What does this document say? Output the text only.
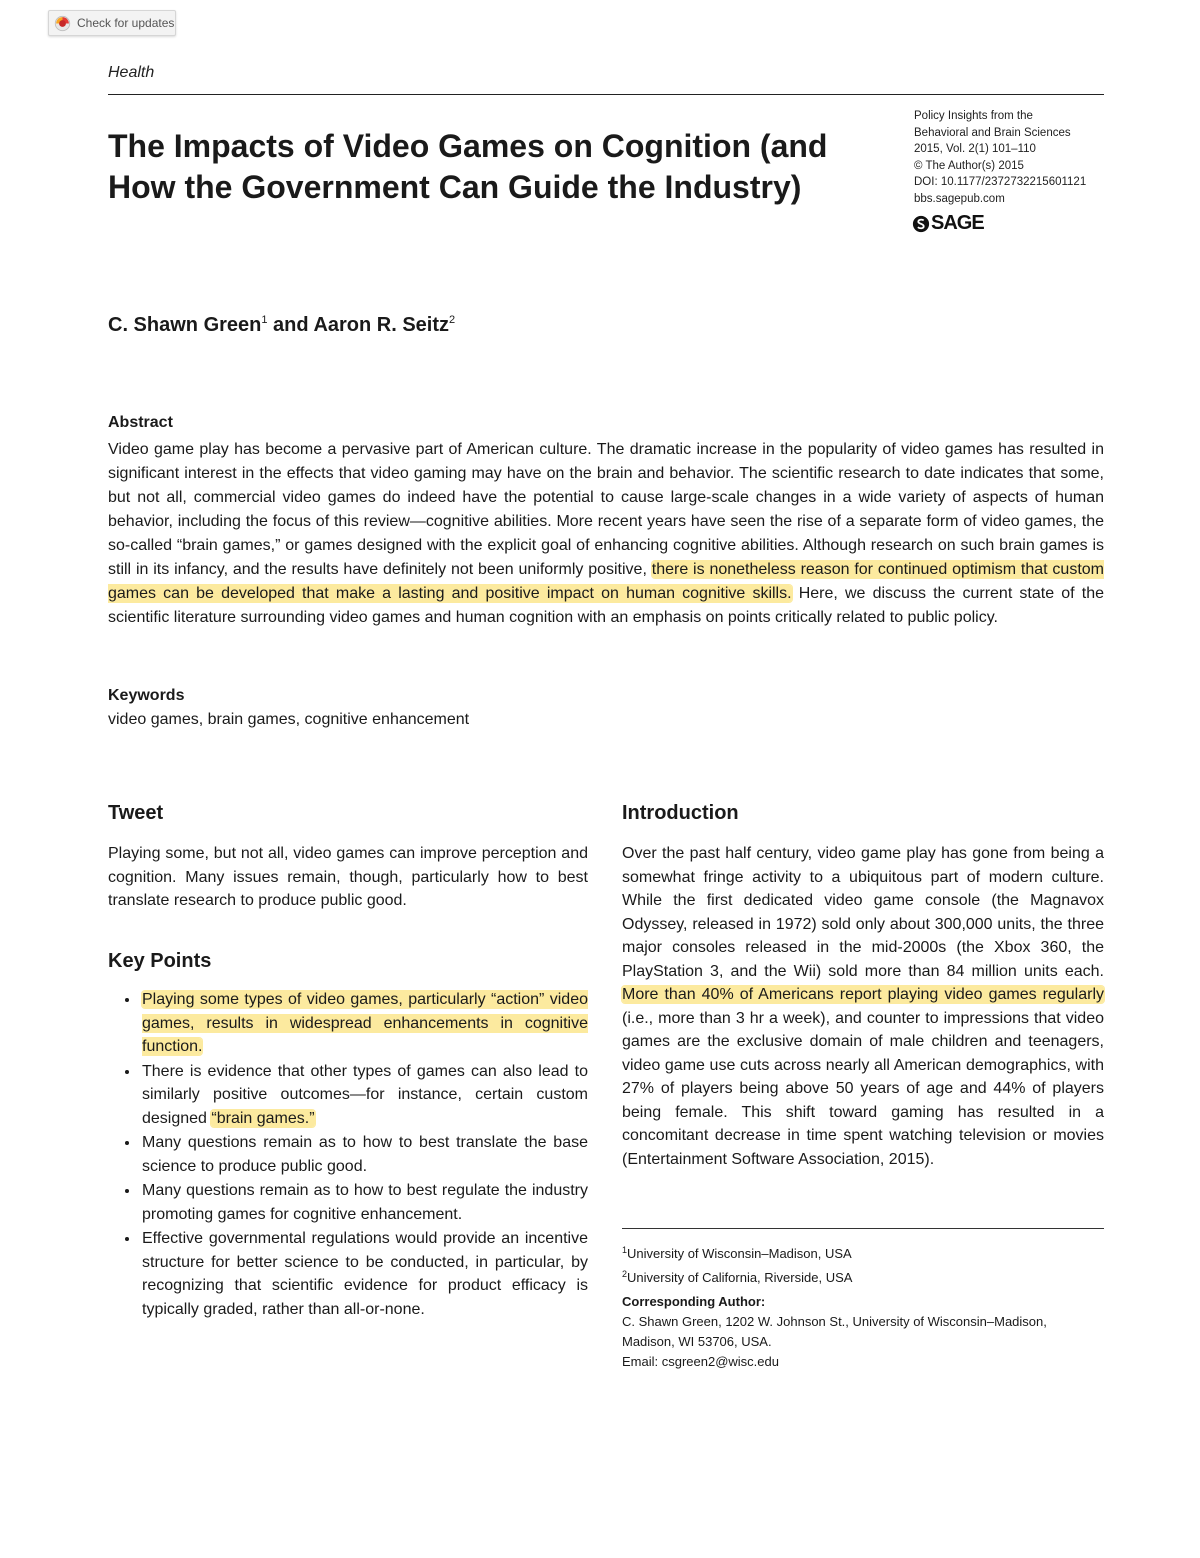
Check for updates
Health
The Impacts of Video Games on Cognition (and How the Government Can Guide the Industry)
Policy Insights from the
Behavioral and Brain Sciences
2015, Vol. 2(1) 101–110
© The Author(s) 2015
DOI: 10.1177/2372732215601121
bbs.sagepub.com
SAGE
C. Shawn Green$^1$ and Aaron R. Seitz$^2$
Abstract

Video game play has become a pervasive part of American culture. The dramatic increase in the popularity of video games has resulted in significant interest in the effects that video gaming may have on the brain and behavior. The scientific research to date indicates that some, but not all, commercial video games do indeed have the potential to cause large-scale changes in a wide variety of aspects of human behavior, including the focus of this review—cognitive abilities. More recent years have seen the rise of a separate form of video games, the so-called “brain games,” or games designed with the explicit goal of enhancing cognitive abilities. Although research on such brain games is still in its infancy, and the results have definitely not been uniformly positive, there is nonetheless reason for continued optimism that custom games can be developed that make a lasting and positive impact on human cognitive skills. Here, we discuss the current state of the scientific literature surrounding video games and human cognition with an emphasis on points critically related to public policy.

Keywords
video games, brain games, cognitive enhancement
Tweet

Playing some, but not all, video games can improve perception and cognition. Many issues remain, though, particularly how to best translate research to produce public good.

Key Points
• Playing some types of video games, particularly “action” video games, results in widespread enhancements in cognitive function.
• There is evidence that other types of games can also lead to similarly positive outcomes—for instance, certain custom designed “brain games.”
• Many questions remain as to how to best translate the base science to produce public good.
• Many questions remain as to how to best regulate the industry promoting games for cognitive enhancement.
• Effective governmental regulations would provide an incentive structure for better science to be conducted, in particular, by recognizing that scientific evidence for product efficacy is typically graded, rather than all-or-none.
Introduction

Over the past half century, video game play has gone from being a somewhat fringe activity to a ubiquitous part of modern culture. While the first dedicated video game console (the Magnavox Odyssey, released in 1972) sold only about 300,000 units, the three major consoles released in the mid-2000s (the Xbox 360, the PlayStation 3, and the Wii) sold more than 84 million units each. More than 40% of Americans report playing video games regularly (i.e., more than 3 hr a week), and counter to impressions that video games are the exclusive domain of male children and teenagers, video game use cuts across nearly all American demographics, with 27% of players being above 50 years of age and 44% of players being female. This shift toward gaming has resulted in a concomitant decrease in time spent watching television or movies (Entertainment Software Association, 2015).

$^1$University of Wisconsin–Madison, USA
$^2$University of California, Riverside, USA
Corresponding Author:
C. Shawn Green, 1202 W. Johnson St., University of Wisconsin–Madison,
Madison, WI 53706, USA.
Email: csgreen2@wisc.edu
